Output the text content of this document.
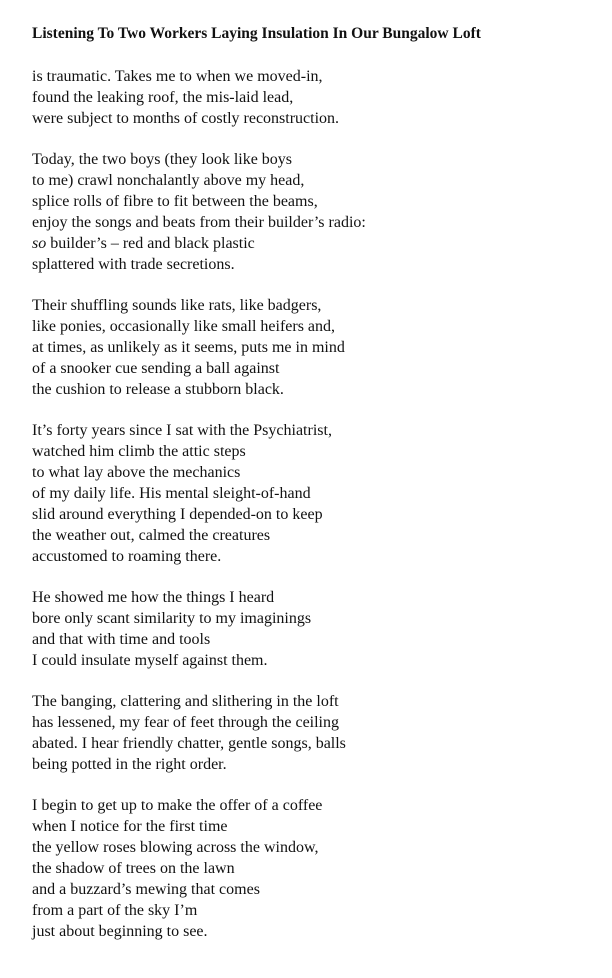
Listening To Two Workers Laying Insulation In Our Bungalow Loft
is traumatic. Takes me to when we moved-in,
found the leaking roof, the mis-laid lead,
were subject to months of costly reconstruction.
Today, the two boys (they look like boys
to me) crawl nonchalantly above my head,
splice rolls of fibre to fit between the beams,
enjoy the songs and beats from their builder’s radio:
so builder’s – red and black plastic
splattered with trade secretions.
Their shuffling sounds like rats, like badgers,
like ponies, occasionally like small heifers and,
at times, as unlikely as it seems, puts me in mind
of a snooker cue sending a ball against
the cushion to release a stubborn black.
It’s forty years since I sat with the Psychiatrist,
watched him climb the attic steps
to what lay above the mechanics
of my daily life. His mental sleight-of-hand
slid around everything I depended-on to keep
the weather out, calmed the creatures
accustomed to roaming there.
He showed me how the things I heard
bore only scant similarity to my imaginings
and that with time and tools
I could insulate myself against them.
The banging, clattering and slithering in the loft
has lessened, my fear of feet through the ceiling
abated. I hear friendly chatter, gentle songs, balls
being potted in the right order.
I begin to get up to make the offer of a coffee
when I notice for the first time
the yellow roses blowing across the window,
the shadow of trees on the lawn
and a buzzard’s mewing that comes
from a part of the sky I’m
just about beginning to see.
